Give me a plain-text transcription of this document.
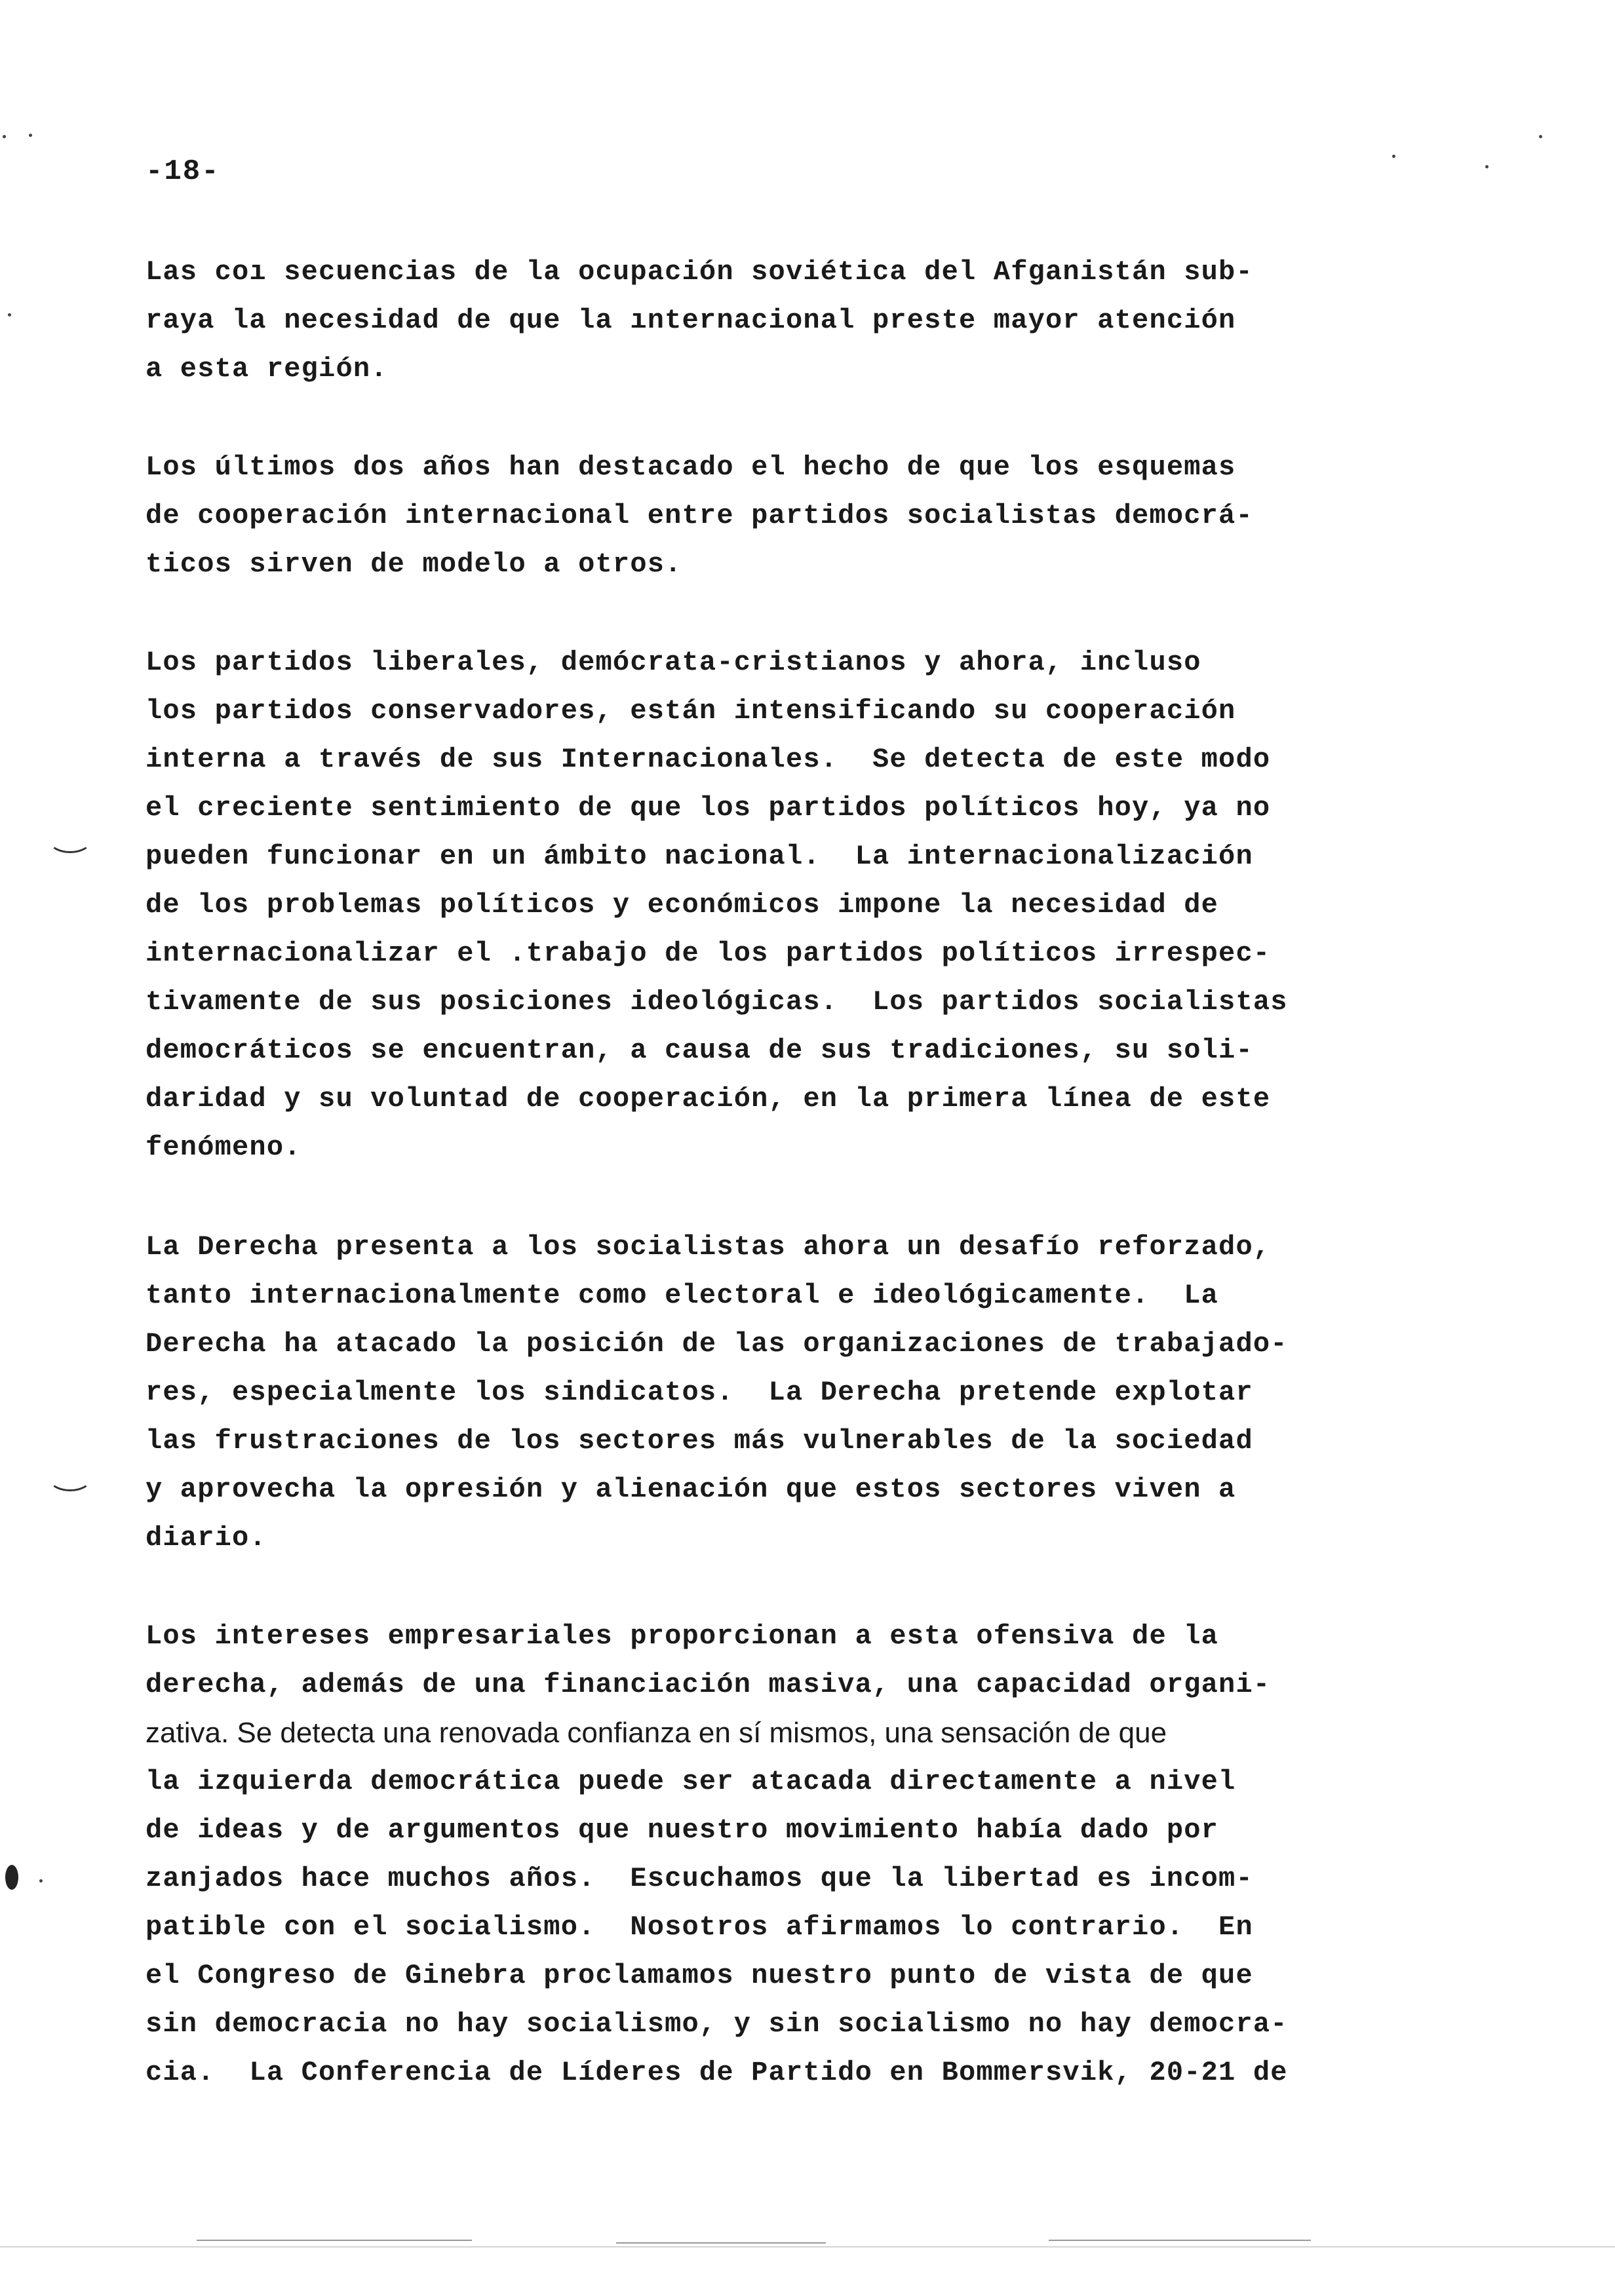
-18-
Las coı ѕecuencias de la ocupаción soviética del Afganistán sub-
raya la necesidad de que la ınternacional preste mayor atención
a esta región.
Los últimos dos años han destacado el hecho de que los esquemas
de cooperación internacional entre partidos socialistas democrá-
ticos sirven de modelo a otros.
Los partidos liberales, demócrata-cristianos y ahora, incluso
los partidos conservadores, están intensificando su cooperación
interna a través de sus Internacionales.  Se detecta de este modo
el creciente sentimiento de que los partidos políticos hoy, ya no
pueden funcionar en un ámbito nacional.  La internacionalización
de los problemas políticos y económicos impone la necesidad de
internacionalizar el .trabajo de los partidos políticos irrespec-
tivamente de sus posiciones ideológicas.  Los partidos socialistas
democráticos se encuentran, a causa de sus tradiciones, su soli-
daridad y su voluntad de cooperación, en la primera línea de este
fenómeno.
La Derecha presenta a los socialistas ahora un desafío reforzado,
tanto internacionalmente como electoral e ideológicamente.  La
Derecha ha atacado la posición de las organizaciones de trabajado-
res, especialmente los sindicatos.  La Derecha pretende explotar
las frustraciones de los sectores más vulnerables de la sociedad
y aprovecha la opresión y alienación que estos sectores viven a
diario.
Los intereses empresariales proporcionan a esta ofensiva de la
derecha, además de una financiación masiva, una capacidad organi-
zativa. Se detecta una renovada confianza en sí mismos, una sensación de que
la izquierda democrática puede ser atacada directamente a nivel
de ideas y de argumentos que nuestro movimiento había dado por
zanjados hace muchos años.  Escuchamos que la libertad es incom-
patible con el socialismo.  Nosotros afirmamos lo contrario.  En
el Congreso de Ginebra proclamamos nuestro punto de vista de que
sin democracia no hay socialismo, y sin socialismo no hay democra-
cia.  La Conferencia de Líderes de Partido en Bommersvik, 20-21 de
